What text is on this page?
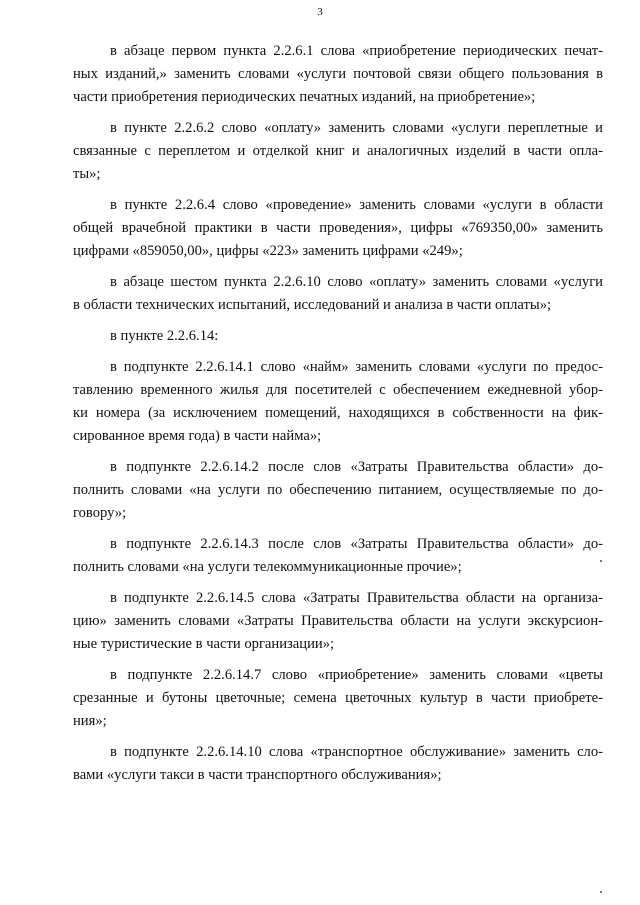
3
в абзаце первом пункта 2.2.6.1 слова «приобретение периодических печат-
ных изданий,» заменить словами «услуги почтовой связи общего пользования в
части приобретения периодических печатных изданий, на приобретение»;
в пункте 2.2.6.2 слово «оплату» заменить словами «услуги переплетные и
связанные с переплетом и отделкой книг и аналогичных изделий в части опла-
ты»;
в пункте 2.2.6.4 слово «проведение» заменить словами «услуги в области
общей врачебной практики в части проведения», цифры «769350,00» заменить
цифрами «859050,00», цифры «223» заменить цифрами «249»;
в абзаце шестом пункта 2.2.6.10 слово «оплату» заменить словами «услуги
в области технических испытаний, исследований и анализа в части оплаты»;
в пункте 2.2.6.14:
в подпункте 2.2.6.14.1 слово «найм» заменить словами «услуги по предос-
тавлению временного жилья для посетителей с обеспечением ежедневной убор-
ки номера (за исключением помещений, находящихся в собственности на фик-
сированное время года) в части найма»;
в подпункте 2.2.6.14.2 после слов «Затраты Правительства области» до-
полнить словами «на услуги по обеспечению питанием, осуществляемые по до-
говору»;
в подпункте 2.2.6.14.3 после слов «Затраты Правительства области» до-
полнить словами «на услуги телекоммуникационные прочие»;
в подпункте 2.2.6.14.5 слова «Затраты Правительства области на организа-
цию» заменить словами «Затраты Правительства области на услуги экскурсион-
ные туристические в части организации»;
в подпункте 2.2.6.14.7 слово «приобретение» заменить словами «цветы
срезанные и бутоны цветочные; семена цветочных культур в части приобрете-
ния»;
в подпункте 2.2.6.14.10 слова «транспортное обслуживание» заменить сло-
вами «услуги такси в части транспортного обслуживания»;
